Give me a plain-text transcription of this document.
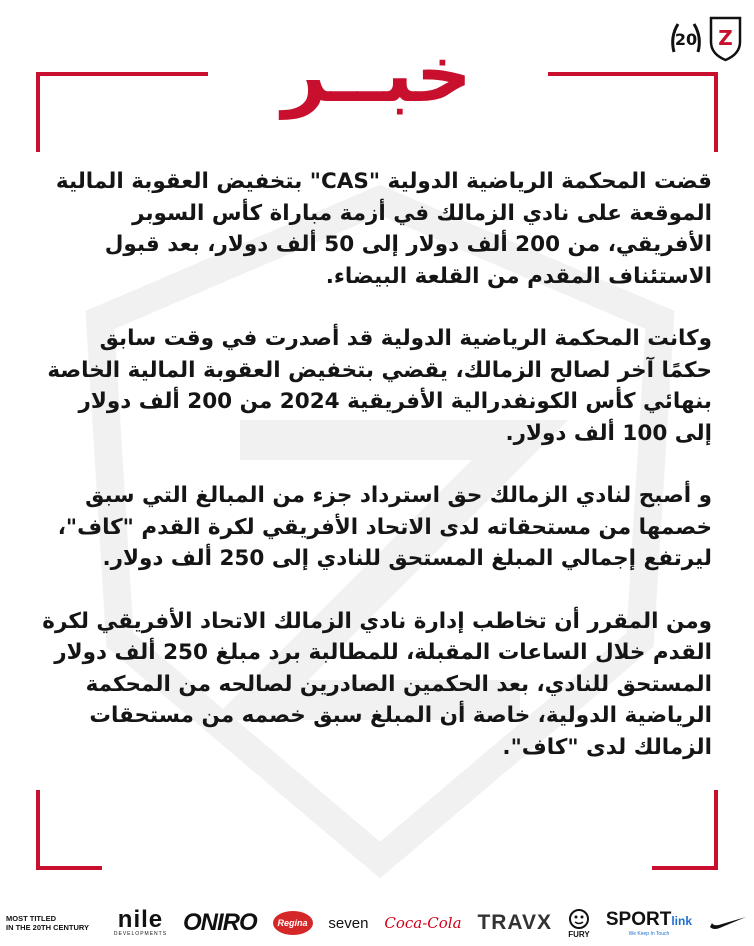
خبــر	20 Z

قضت المحكمة الرياضية الدولية "CAS" بتخفيض العقوبة المالية الموقعة على نادي الزمالك في أزمة مباراة كأس السوبر الأفريقي، من 200 ألف دولار إلى 50 ألف دولار، بعد قبول الاستئناف المقدم من القلعة البيضاء.

وكانت المحكمة الرياضية الدولية قد أصدرت في وقت سابق حكمًا آخر لصالح الزمالك، يقضي بتخفيض العقوبة المالية الخاصة بنهائي كأس الكونفدرالية الأفريقية 2024 من 200 ألف دولار إلى 100 ألف دولار.

و أصبح لنادي الزمالك حق استرداد جزء من المبالغ التي سبق خصمها من مستحقاته لدى الاتحاد الأفريقي لكرة القدم "كاف"، ليرتفع إجمالي المبلغ المستحق للنادي إلى 250 ألف دولار.

ومن المقرر أن تخاطب إدارة نادي الزمالك الاتحاد الأفريقي لكرة القدم خلال الساعات المقبلة، للمطالبة برد مبلغ 250 ألف دولار المستحق للنادي، بعد الحكمين الصادرين لصالحه من المحكمة الرياضية الدولية، خاصة أن المبلغ سبق خصمه من مستحقات الزمالك لدى "كاف".

MOST TITLED
IN THE 20TH CENTURY	nile
DEVELOPMENTS ONIRO	Regina	seven Coca-Cola TRAVX FURY
SPORTlink
We Keep In Touch
